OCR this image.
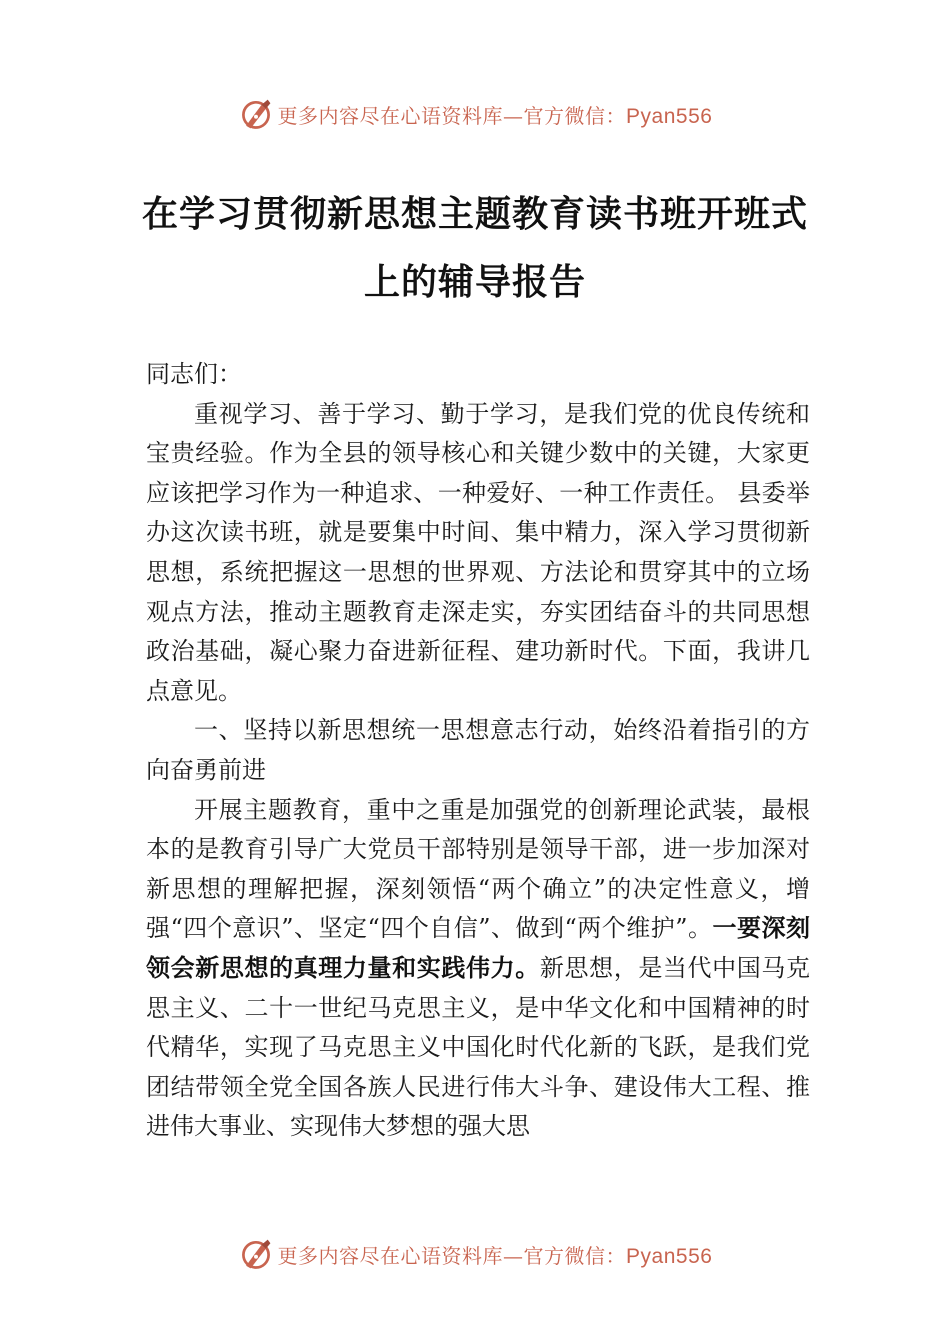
更多内容尽在心语资料库—官方微信：Pyan556
在学习贯彻新思想主题教育读书班开班式
上的辅导报告

同志们：

重视学习、善于学习、勤于学习，是我们党的优良传统和宝贵经验。作为全县的领导核心和关键少数中的关键，大家更应该把学习作为一种追求、一种爱好、一种工作责任。 县委举办这次读书班，就是要集中时间、集中精力，深入学习贯彻新思想，系统把握这一思想的世界观、方法论和贯穿其中的立场观点方法，推动主题教育走深走实，夯实团结奋斗的共同思想政治基础，凝心聚力奋进新征程、建功新时代。下面，我讲几点意见。

一、坚持以新思想统一思想意志行动，始终沿着指引的方向奋勇前进

开展主题教育，重中之重是加强党的创新理论武装，最根本的是教育引导广大党员干部特别是领导干部，进一步加深对新思想的理解把握，深刻领悟“两个确立”的决定性意义，增强“四个意识”、坚定“四个自信”、做到“两个维护”。一要深刻领会新思想的真理力量和实践伟力。新思想，是当代中国马克思主义、二十一世纪马克思主义，是中华文化和中国精神的时代精华，实现了马克思主义中国化时代化新的飞跃，是我们党团结带领全党全国各族人民进行伟大斗争、建设伟大工程、推进伟大事业、实现伟大梦想的强大思

更多内容尽在心语资料库—官方微信：Pyan556
